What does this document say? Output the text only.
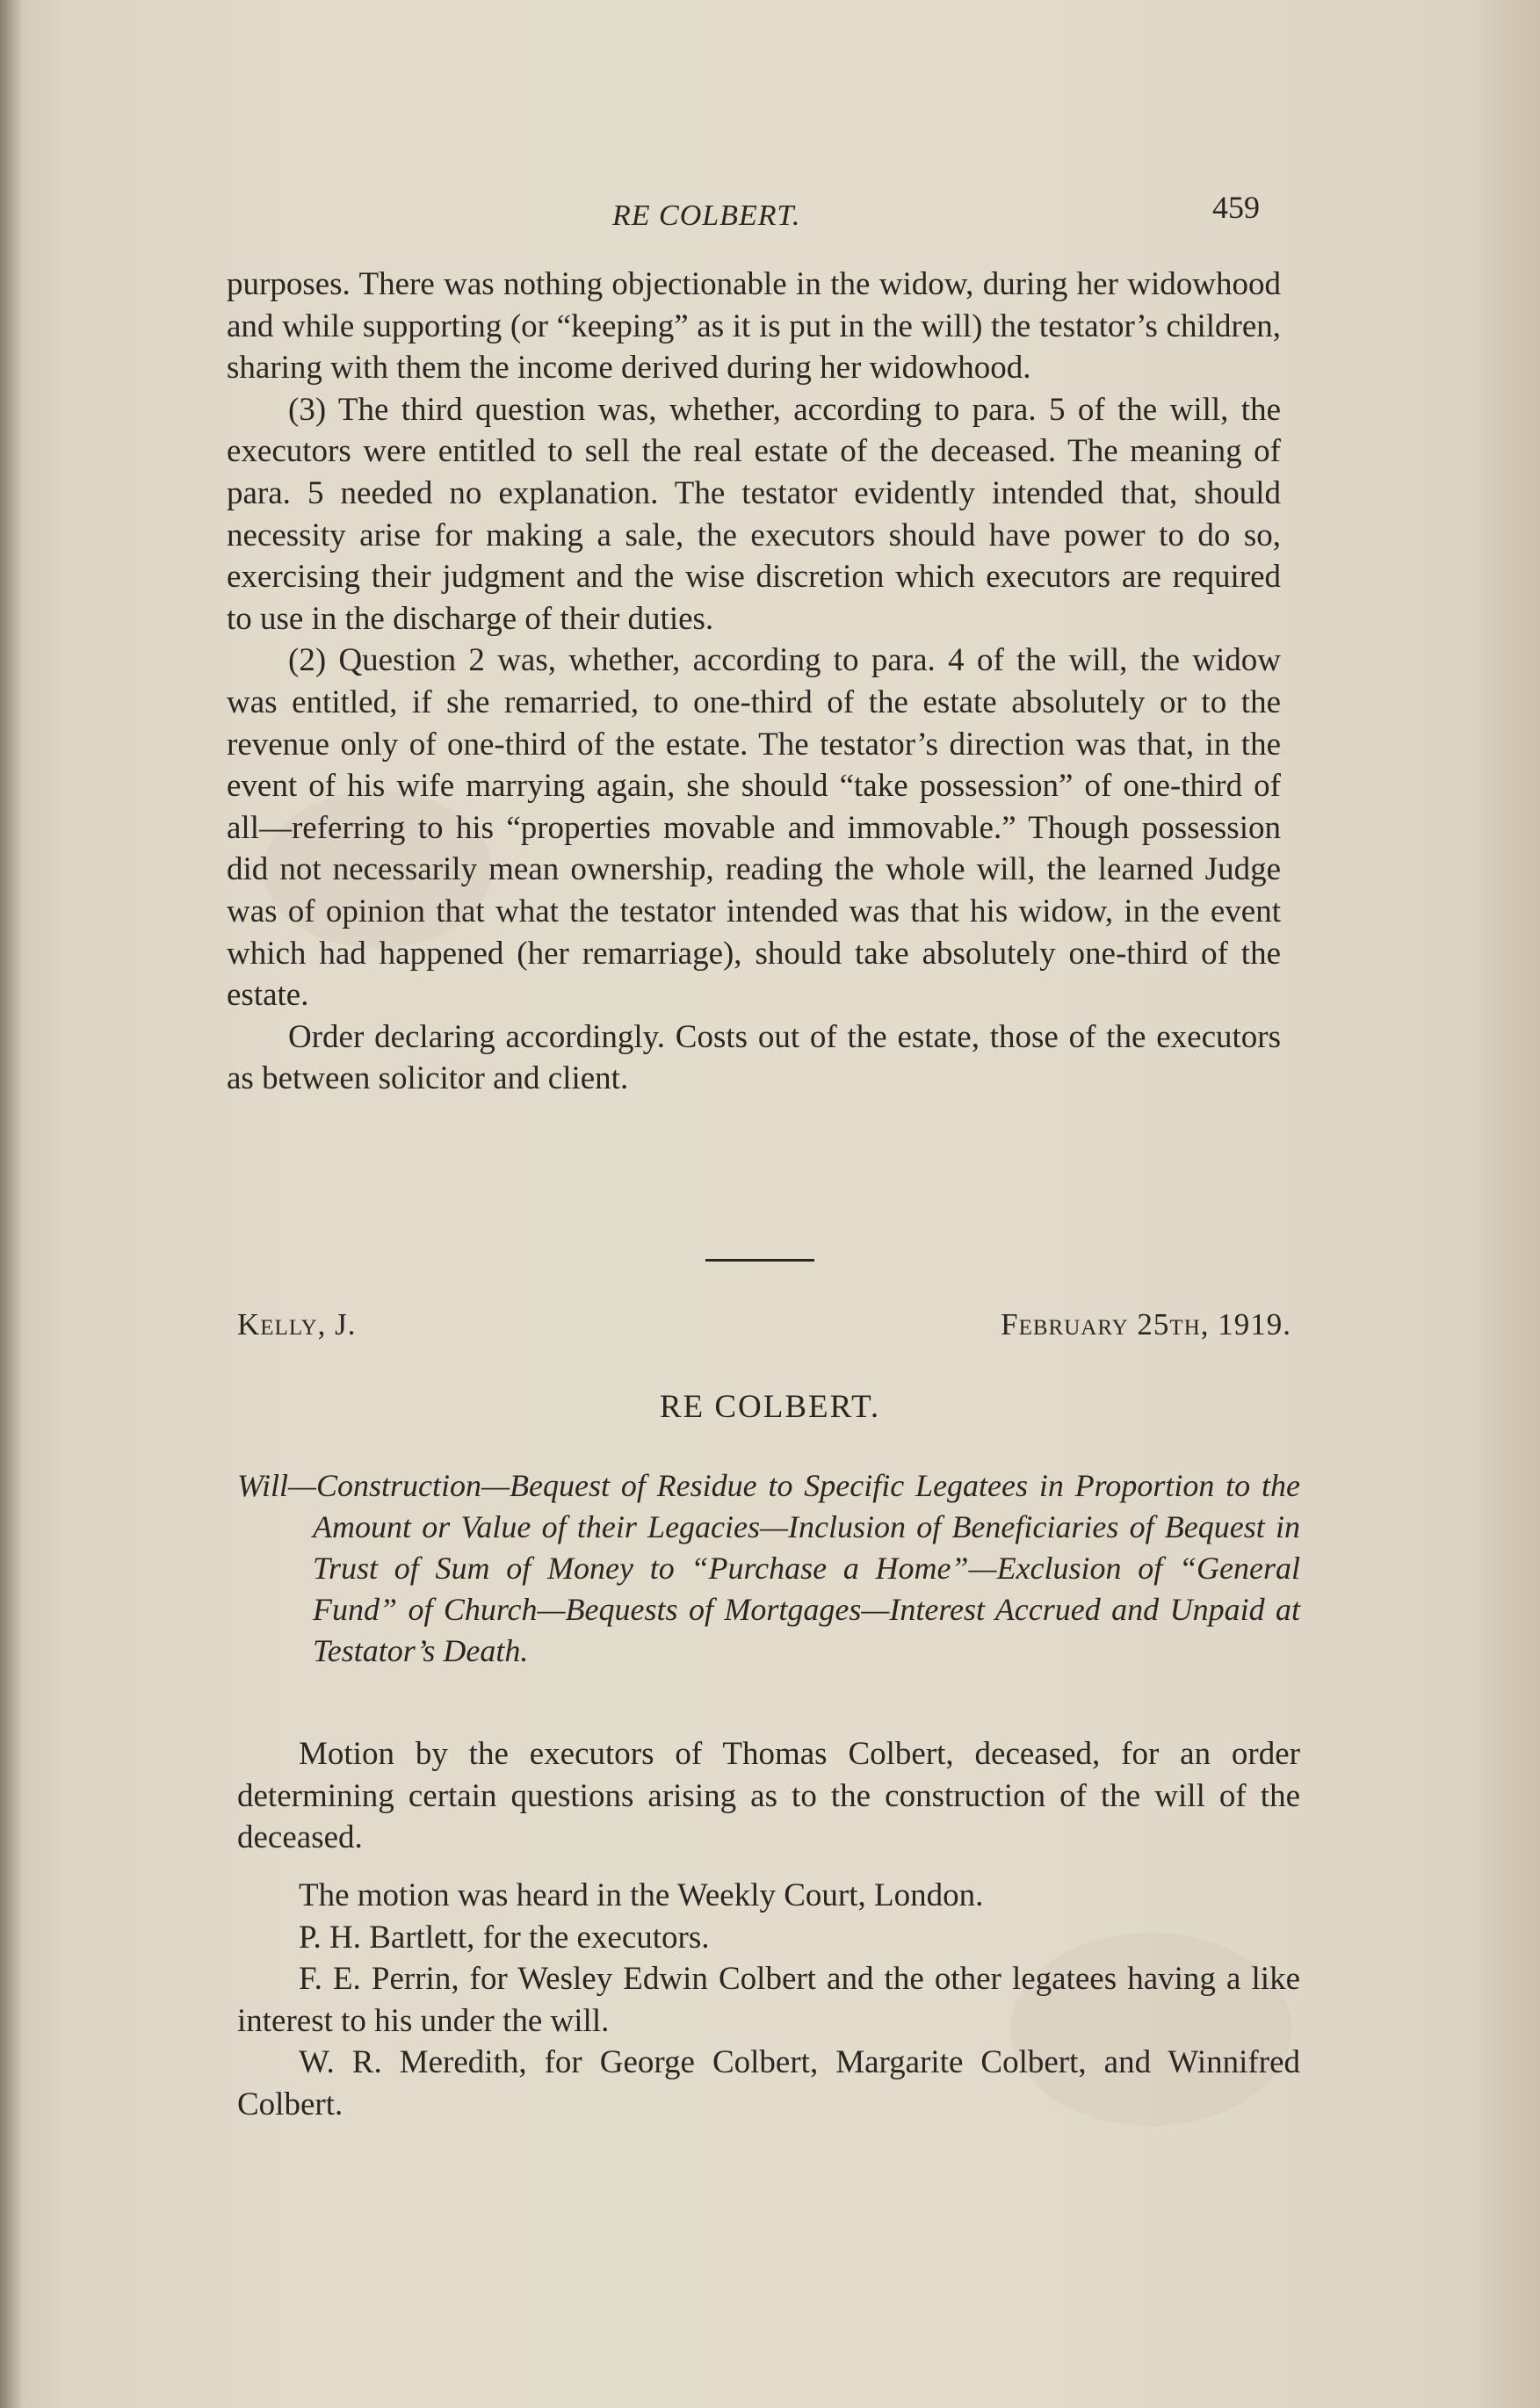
RE COLBERT.	459

purposes. There was nothing objectionable in the widow, during her widowhood and while supporting (or “keeping” as it is put in the will) the testator’s children, sharing with them the income derived during her widowhood.

(3) The third question was, whether, according to para. 5 of the will, the executors were entitled to sell the real estate of the deceased. The meaning of para. 5 needed no explanation. The testator evidently intended that, should necessity arise for making a sale, the executors should have power to do so, exercising their judgment and the wise discretion which executors are required to use in the discharge of their duties.

(2) Question 2 was, whether, according to para. 4 of the will, the widow was entitled, if she remarried, to one-third of the estate absolutely or to the revenue only of one-third of the estate. The testator’s direction was that, in the event of his wife marrying again, she should “take possession” of one-third of all—referring to his “properties movable and immovable.” Though possession did not necessarily mean ownership, reading the whole will, the learned Judge was of opinion that what the testator intended was that his widow, in the event which had happened (her remarriage), should take absolutely one-third of the estate.

Order declaring accordingly. Costs out of the estate, those of the executors as between solicitor and client.

Kelly, J.	February 25th, 1919.
RE COLBERT.
Will—Construction—Bequest of Residue to Specific Legatees in Proportion to the Amount or Value of their Legacies—Inclusion of Beneficiaries of Bequest in Trust of Sum of Money to “Purchase a Home”—Exclusion of “General Fund” of Church—Bequests of Mortgages—Interest Accrued and Unpaid at Testator’s Death.

Motion by the executors of Thomas Colbert, deceased, for an order determining certain questions arising as to the construction of the will of the deceased.

The motion was heard in the Weekly Court, London.

P. H. Bartlett, for the executors.

F. E. Perrin, for Wesley Edwin Colbert and the other legatees having a like interest to his under the will.

W. R. Meredith, for George Colbert, Margarite Colbert, and Winnifred Colbert.
